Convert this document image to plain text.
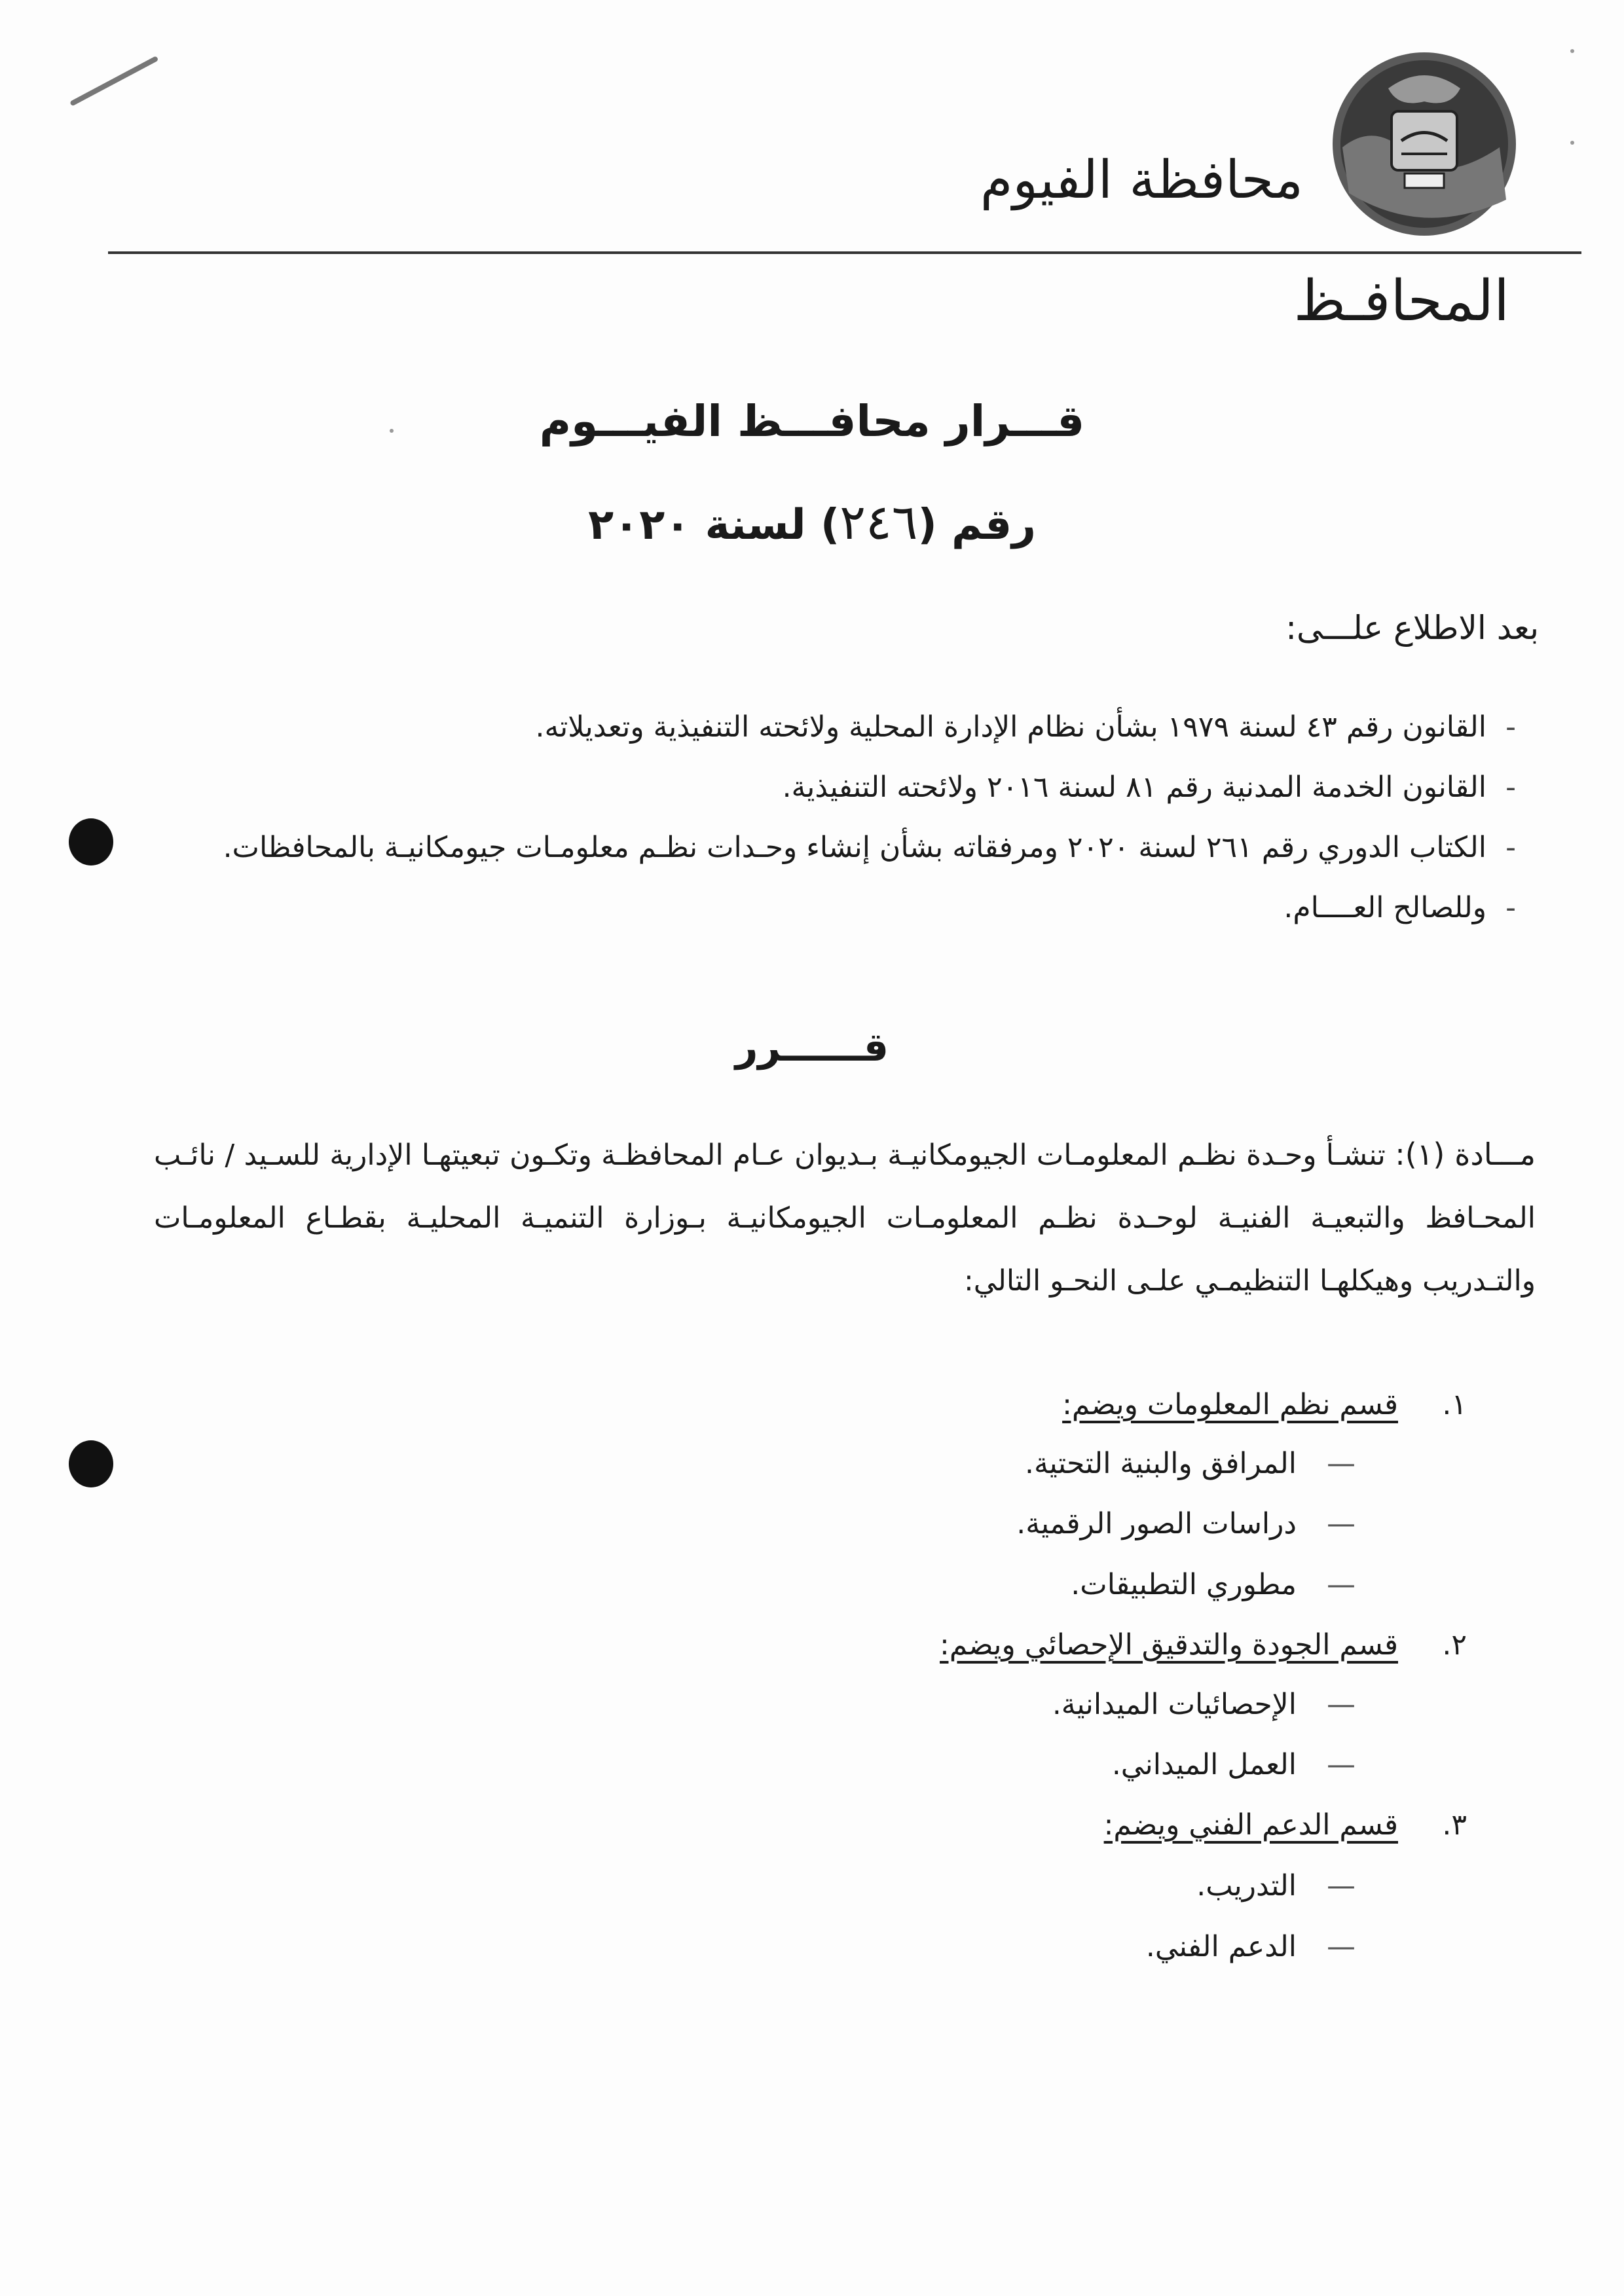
محافظة الفيوم
المحافـظ
قـــرار محافـــظ الفيـــوم
رقم (٢٤٦) لسنة ٢٠٢٠
بعد الاطلاع علـــى:
- القانون رقم ٤٣ لسنة ١٩٧٩ بشأن نظام الإدارة المحلية ولائحته التنفيذية وتعديلاته.
- القانون الخدمة المدنية رقم ٨١ لسنة ٢٠١٦ ولائحته التنفيذية.
- الكتاب الدوري رقم ٢٦١ لسنة ٢٠٢٠ ومرفقاته بشأن إنشاء وحـدات نظـم معلومـات جيومكانيـة بالمحافظات.
- وللصالح العــــام.
قــــــرر
مـــادة (١): تنشـأ وحـدة نظـم المعلومـات الجيومكانيـة بـديوان عـام المحافظـة وتكـون تبعيتهـا الإدارية للسـيد / نائـب المحـافظ والتبعيـة الفنيـة لوحـدة نظـم المعلومـات الجيومكانيـة بـوزارة التنميـة المحليـة بقطـاع المعلومـات والتـدريب وهيكلهـا التنظيمـي علـى النحـو التالي:
١.
قسم نظم المعلومات ويضم:
— المرافق والبنية التحتية.
— دراسات الصور الرقمية.
— مطوري التطبيقات.
٢.
قسم الجودة والتدقيق الإحصائي ويضم:
— الإحصائيات الميدانية.
— العمل الميداني.
٣.
قسم الدعم الفني ويضم:
— التدريب.
— الدعم الفني.
